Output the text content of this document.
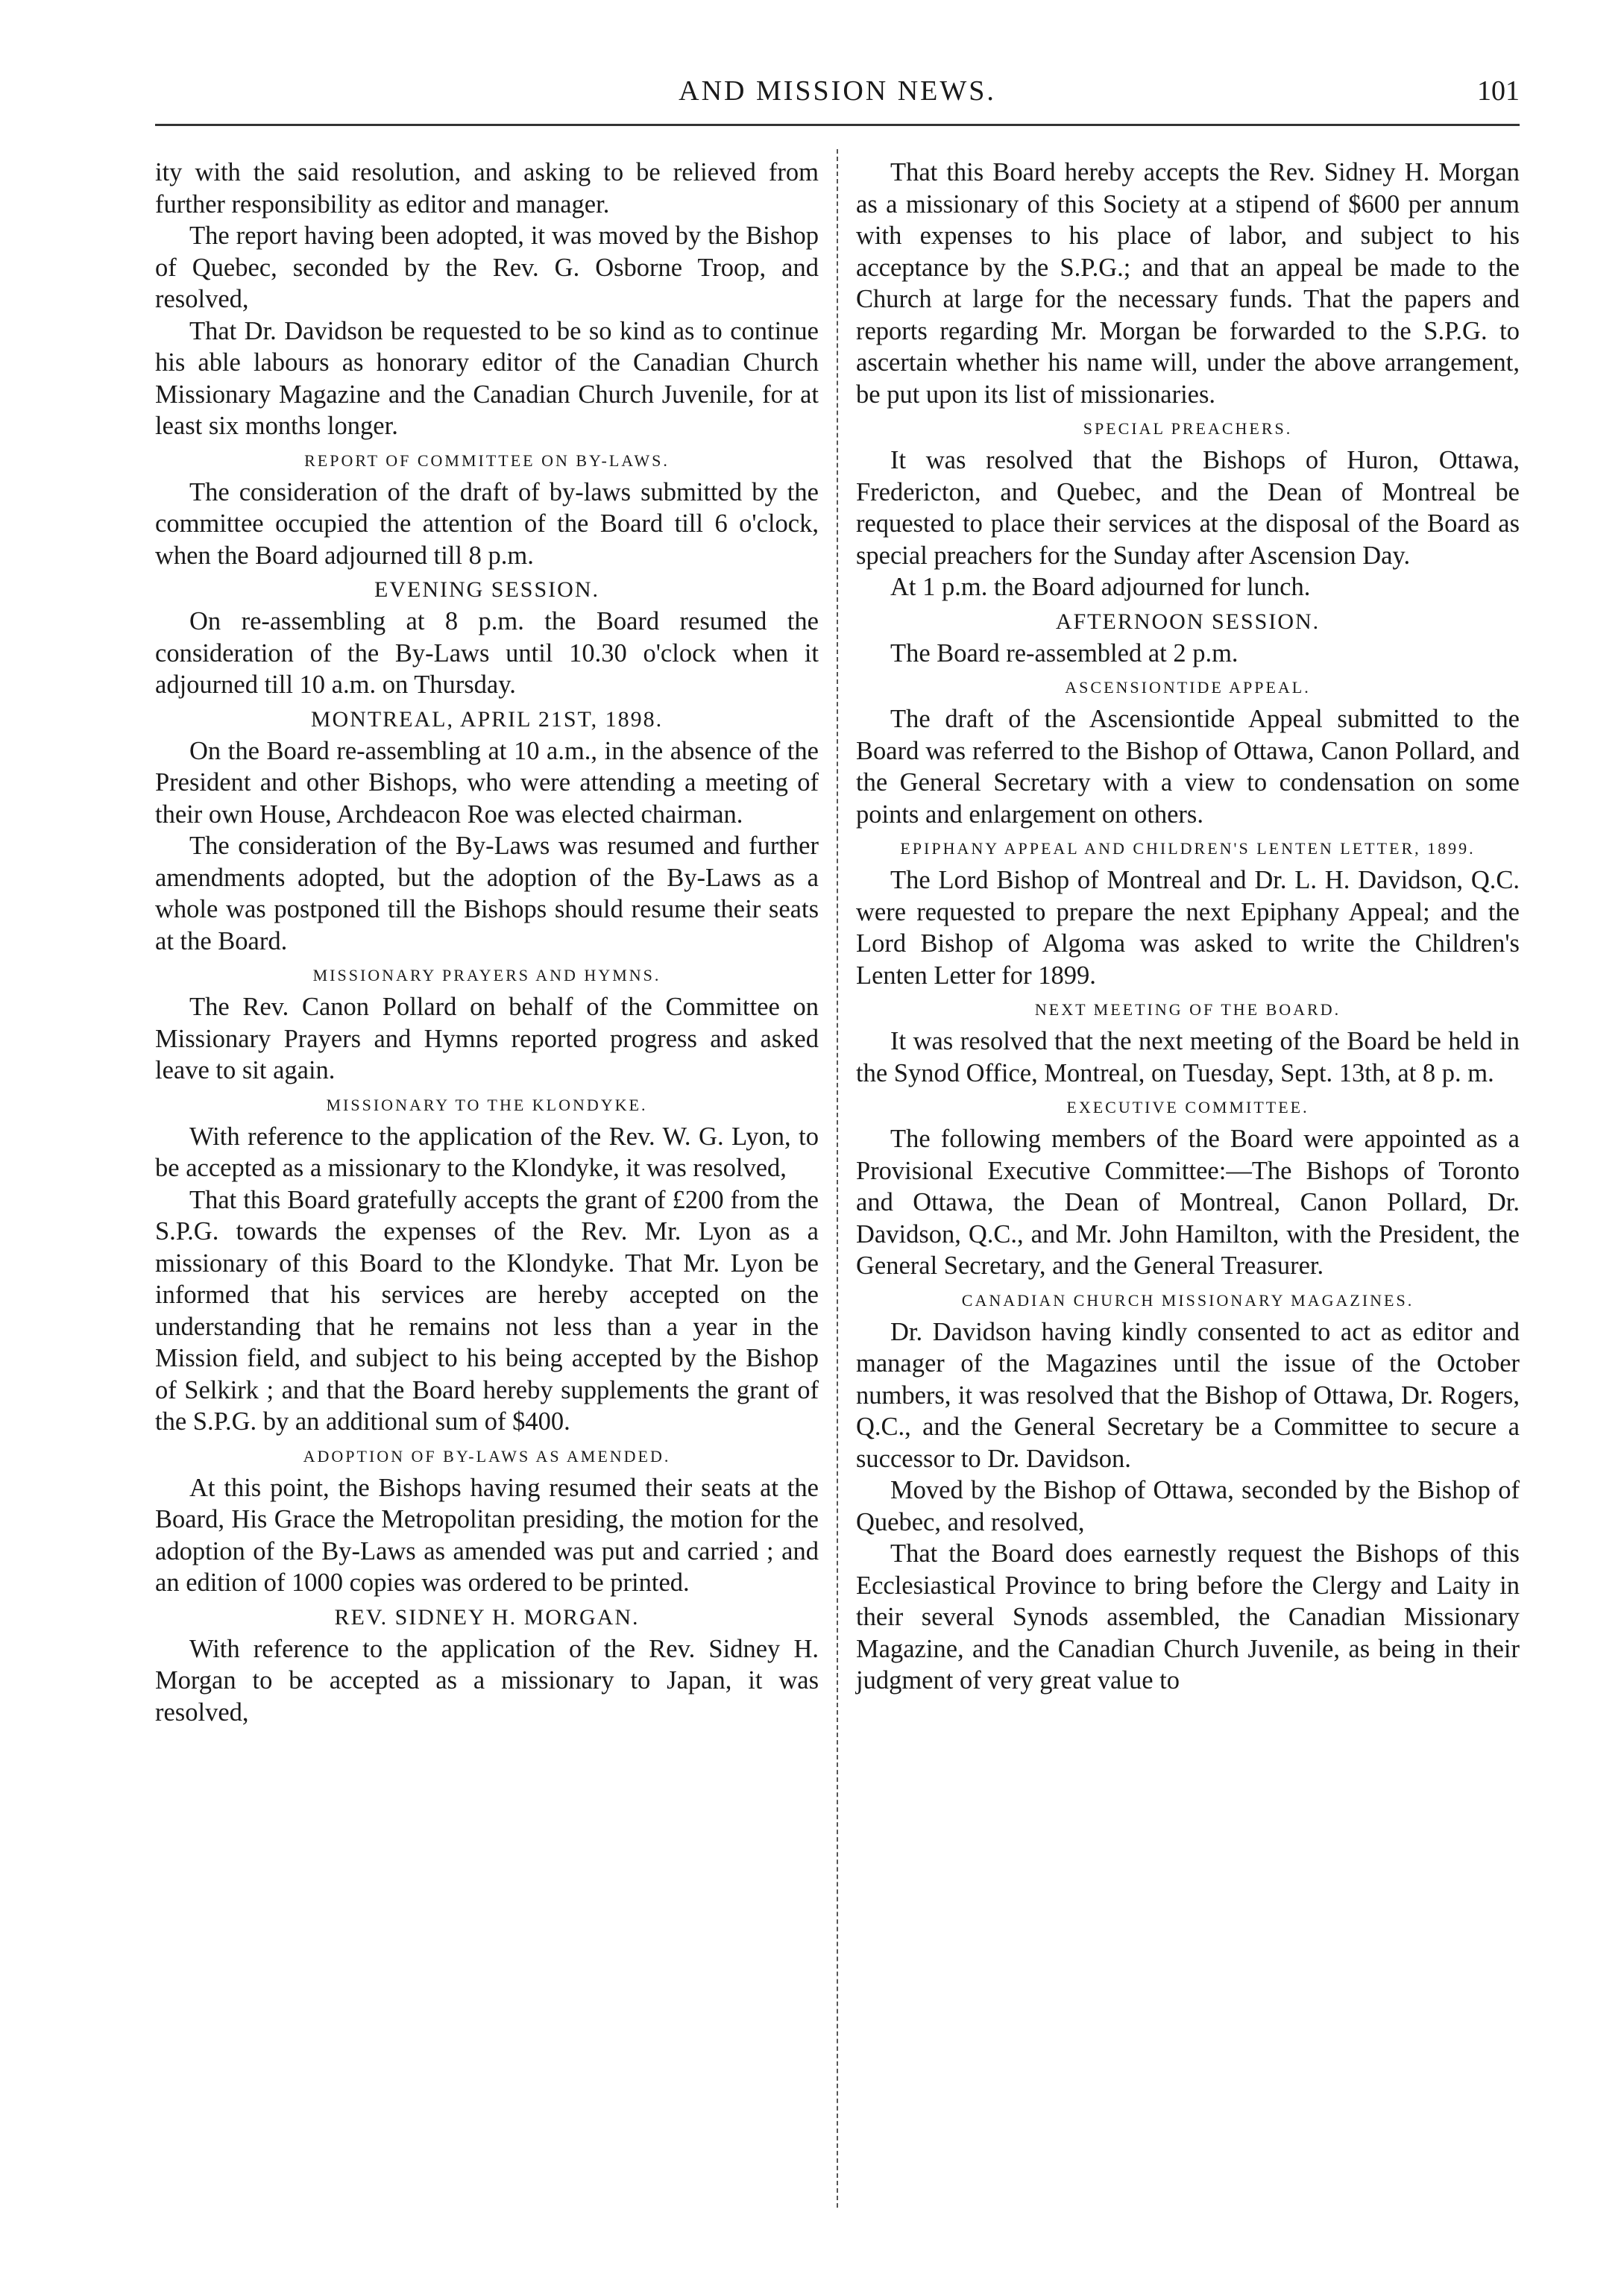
AND MISSION NEWS.	101

ity with the said resolution, and asking to be relieved from further responsibility as editor and manager.

The report having been adopted, it was moved by the Bishop of Quebec, seconded by the Rev. G. Osborne Troop, and resolved,

That Dr. Davidson be requested to be so kind as to continue his able labours as honorary editor of the Canadian Church Missionary Magazine and the Canadian Church Juvenile, for at least six months longer.

REPORT OF COMMITTEE ON BY-LAWS.

The consideration of the draft of by-laws submitted by the committee occupied the attention of the Board till 6 o'clock, when the Board adjourned till 8 p.m.

EVENING SESSION.

On re-assembling at 8 p.m. the Board resumed the consideration of the By-Laws until 10.30 o'clock when it adjourned till 10 a.m. on Thursday.

MONTREAL, APRIL 21ST, 1898.

On the Board re-assembling at 10 a.m., in the absence of the President and other Bishops, who were attending a meeting of their own House, Archdeacon Roe was elected chairman.

The consideration of the By-Laws was resumed and further amendments adopted, but the adoption of the By-Laws as a whole was postponed till the Bishops should resume their seats at the Board.

MISSIONARY PRAYERS AND HYMNS.

The Rev. Canon Pollard on behalf of the Committee on Missionary Prayers and Hymns reported progress and asked leave to sit again.

MISSIONARY TO THE KLONDYKE.

With reference to the application of the Rev. W. G. Lyon, to be accepted as a missionary to the Klondyke, it was resolved,

That this Board gratefully accepts the grant of £200 from the S.P.G. towards the expenses of the Rev. Mr. Lyon as a missionary of this Board to the Klondyke. That Mr. Lyon be informed that his services are hereby accepted on the understanding that he remains not less than a year in the Mission field, and subject to his being accepted by the Bishop of Selkirk ; and that the Board hereby supplements the grant of the S.P.G. by an additional sum of $400.

ADOPTION OF BY-LAWS AS AMENDED.

At this point, the Bishops having resumed their seats at the Board, His Grace the Metropolitan presiding, the motion for the adoption of the By-Laws as amended was put and carried ; and an edition of 1000 copies was ordered to be printed.

REV. SIDNEY H. MORGAN.

With reference to the application of the Rev. Sidney H. Morgan to be accepted as a missionary to Japan, it was resolved,

That this Board hereby accepts the Rev. Sidney H. Morgan as a missionary of this Society at a stipend of $600 per annum with expenses to his place of labor, and subject to his acceptance by the S.P.G.; and that an appeal be made to the Church at large for the necessary funds. That the papers and reports regarding Mr. Morgan be forwarded to the S.P.G. to ascertain whether his name will, under the above arrangement, be put upon its list of missionaries.

SPECIAL PREACHERS.

It was resolved that the Bishops of Huron, Ottawa, Fredericton, and Quebec, and the Dean of Montreal be requested to place their services at the disposal of the Board as special preachers for the Sunday after Ascension Day.

At 1 p.m. the Board adjourned for lunch.

AFTERNOON SESSION.

The Board re-assembled at 2 p.m.

ASCENSIONTIDE APPEAL.

The draft of the Ascensiontide Appeal submitted to the Board was referred to the Bishop of Ottawa, Canon Pollard, and the General Secretary with a view to condensation on some points and enlargement on others.

EPIPHANY APPEAL AND CHILDREN'S LENTEN LETTER, 1899.

The Lord Bishop of Montreal and Dr. L. H. Davidson, Q.C. were requested to prepare the next Epiphany Appeal; and the Lord Bishop of Algoma was asked to write the Children's Lenten Letter for 1899.

NEXT MEETING OF THE BOARD.

It was resolved that the next meeting of the Board be held in the Synod Office, Montreal, on Tuesday, Sept. 13th, at 8 p. m.

EXECUTIVE COMMITTEE.

The following members of the Board were appointed as a Provisional Executive Committee:—The Bishops of Toronto and Ottawa, the Dean of Montreal, Canon Pollard, Dr. Davidson, Q.C., and Mr. John Hamilton, with the President, the General Secretary, and the General Treasurer.

CANADIAN CHURCH MISSIONARY MAGAZINES.

Dr. Davidson having kindly consented to act as editor and manager of the Magazines until the issue of the October numbers, it was resolved that the Bishop of Ottawa, Dr. Rogers, Q.C., and the General Secretary be a Committee to secure a successor to Dr. Davidson.

Moved by the Bishop of Ottawa, seconded by the Bishop of Quebec, and resolved,

That the Board does earnestly request the Bishops of this Ecclesiastical Province to bring before the Clergy and Laity in their several Synods assembled, the Canadian Missionary Magazine, and the Canadian Church Juvenile, as being in their judgment of very great value to
